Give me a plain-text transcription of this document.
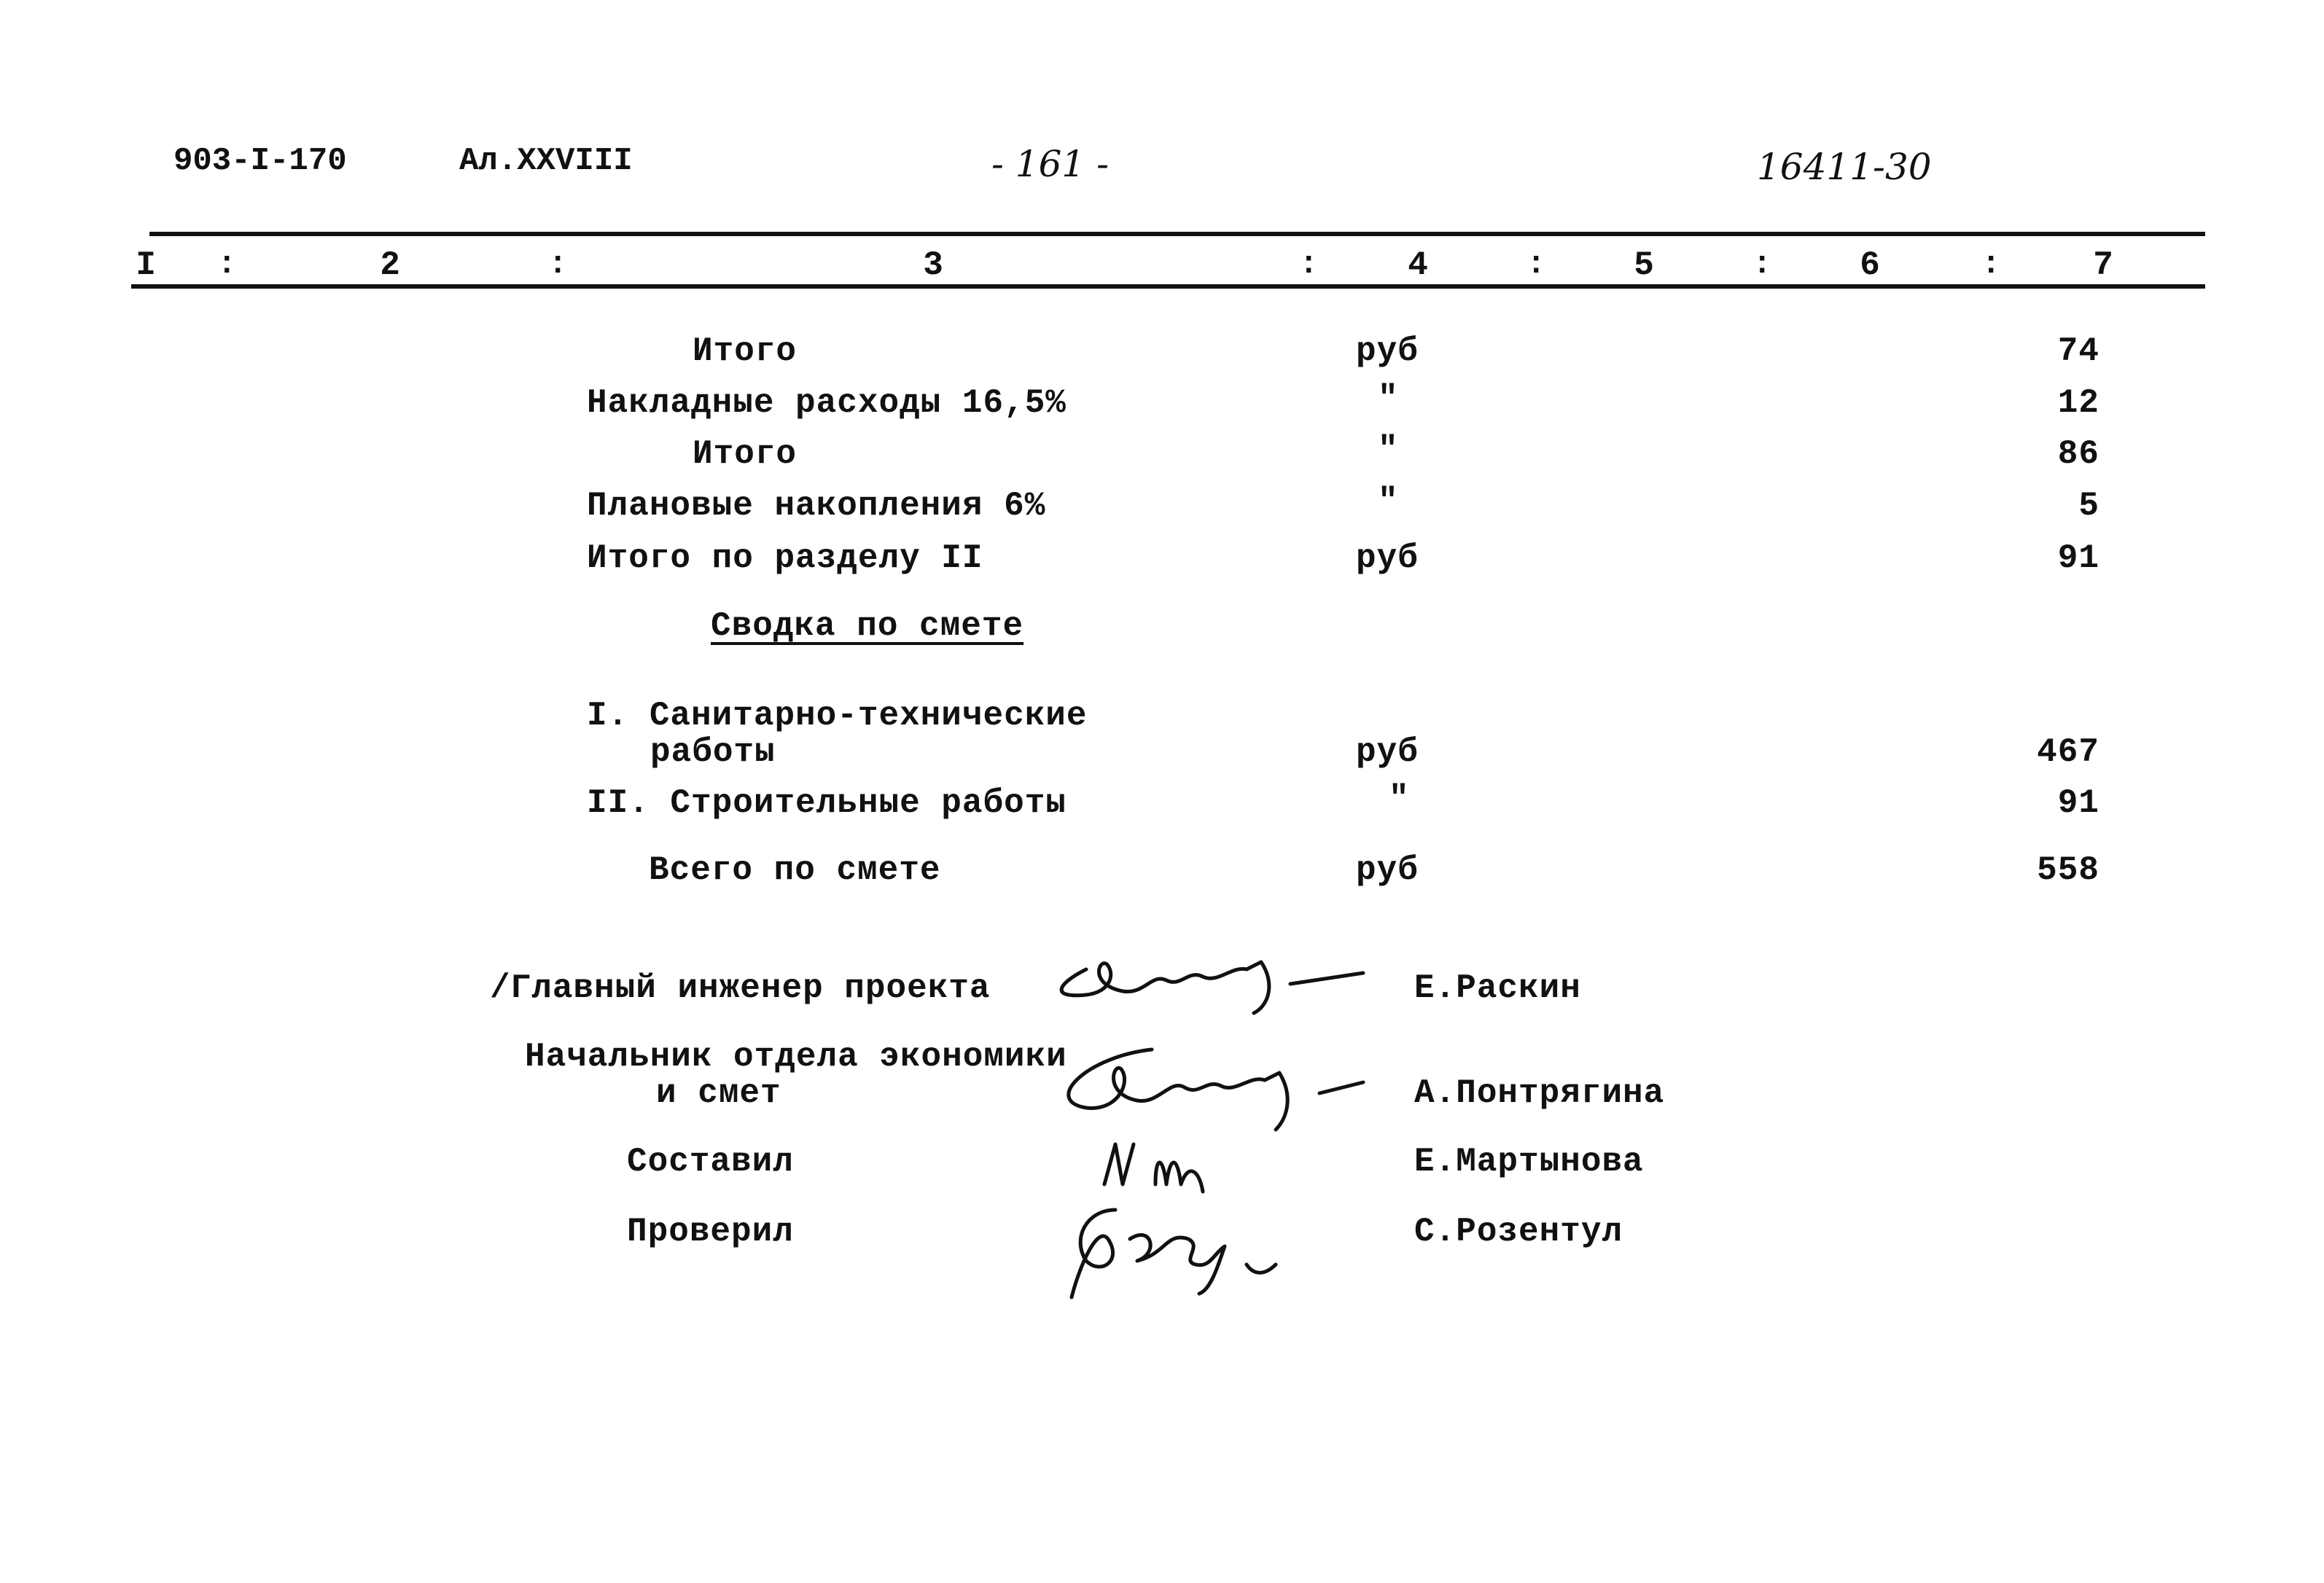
903-I-170	Ал.XXVIII	- 161 -	16411-30
I :	2	:	3	:	4	:	5	:	6	:	7
Итого	руб	74
Накладные расходы 16,5%	"	12
Итого	"	86
Плановые накопления 6%	"	5
Итого по разделу II	руб	91
Сводка по смете
I. Санитарно-технические
работы	руб	467
II. Строительные работы	"	91
Всего по смете	руб	558
/Главный инженер проекта	Е.Раскин
Начальник отдела экономики
и смет	А.Понтрягина
Составил	Е.Мартынова
Проверил	С.Розентул
